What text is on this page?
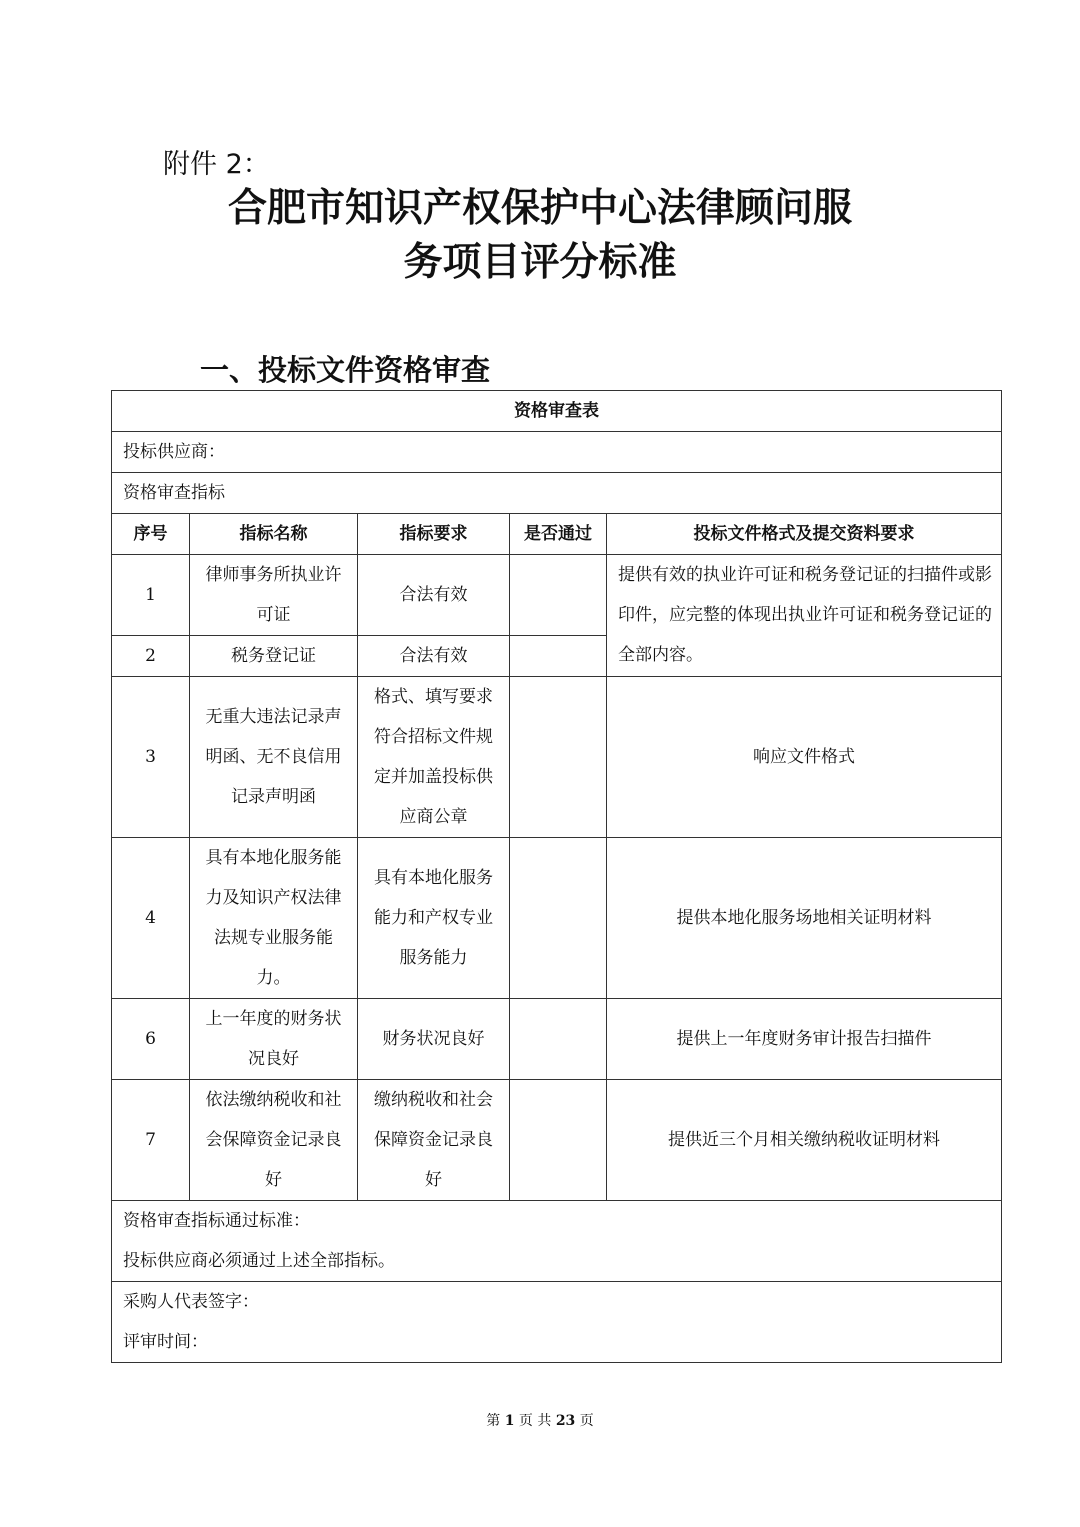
附件 2：
合肥市知识产权保护中心法律顾问服
务项目评分标准
一、投标文件资格审查
资格审查表				
投标供应商：				
资格审查指标				
序号	指标名称	指标要求	是否通过	投标文件格式及提交资料要求
1	律师事务所执业许可证	合法有效		提供有效的执业许可证和税务登记证的扫描件或影印件，应完整的体现出执业许可证和税务登记证的全部内容。
2	税务登记证	合法有效		
3	无重大违法记录声明函、无不良信用记录声明函	格式、填写要求符合招标文件规定并加盖投标供应商公章		响应文件格式
4	具有本地化服务能力及知识产权法律法规专业服务能力。	具有本地化服务能力和产权专业服务能力		提供本地化服务场地相关证明材料
6	上一年度的财务状况良好	财务状况良好		提供上一年度财务审计报告扫描件
7	依法缴纳税收和社会保障资金记录良好	缴纳税收和社会保障资金记录良好		提供近三个月相关缴纳税收证明材料

资格审查指标通过标准：
投标供应商必须通过上述全部指标。				

采购人代表签字：
评审时间：				
第 1 页 共 23 页
